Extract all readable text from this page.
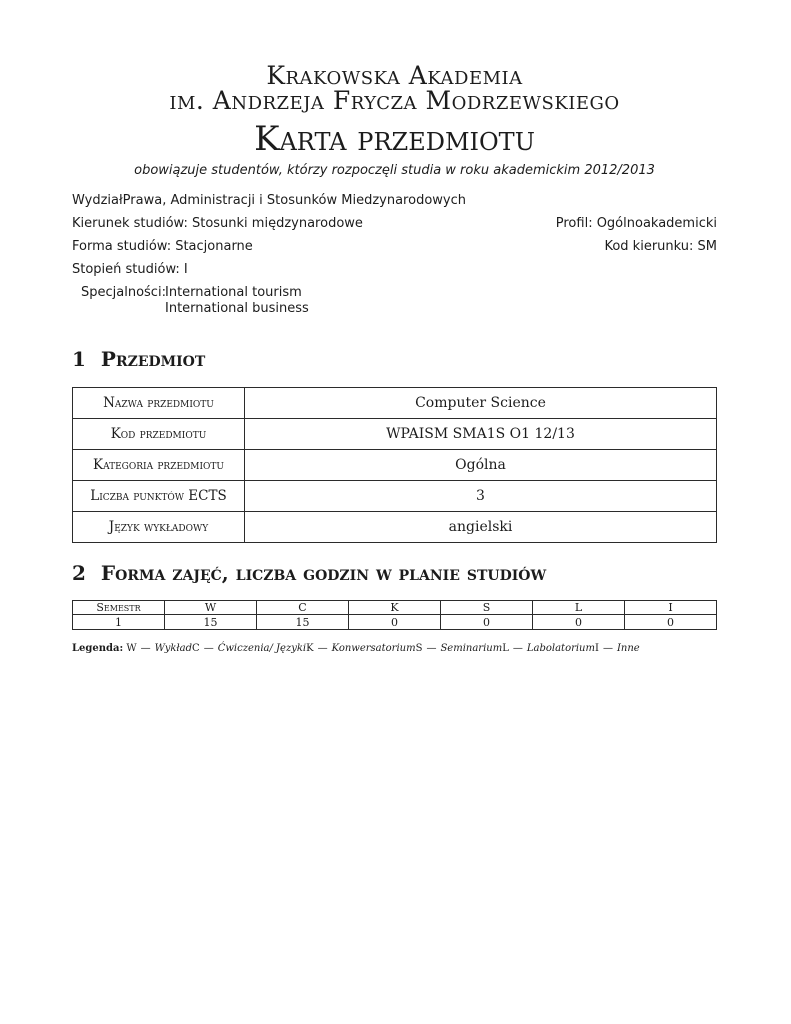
Krakowska Akademia
im. Andrzeja Frycza Modrzewskiego
Karta przedmiotu
obowiązuje studentów, którzy rozpoczęli studia w roku akademickim 2012/2013
WydziałPrawa, Administracji i Stosunków Miedzynarodowych
Kierunek studiów: Stosunki międzynarodowe	Profil: Ogólnoakademicki
Forma studiów: Stacjonarne	Kod kierunku: SM
Stopień studiów: I
Specjalności: International tourism
International business
1 Przedmiot
Nazwa przedmiotu	Computer Science
Kod przedmiotu	WPAISM SMA1S O1 12/13
Kategoria przedmiotu	Ogólna
Liczba punktów ECTS	3
Język wykładowy	angielski
2 Forma zajęć, liczba godzin w planie studiów
Semestr	W	C	K	S	L	I
1	15	15	0	0	0	0

Legenda: W — WykładC — Ćwiczenia/ JęzykiK — KonwersatoriumS — SeminariumL — LabolatoriumI — Inne
